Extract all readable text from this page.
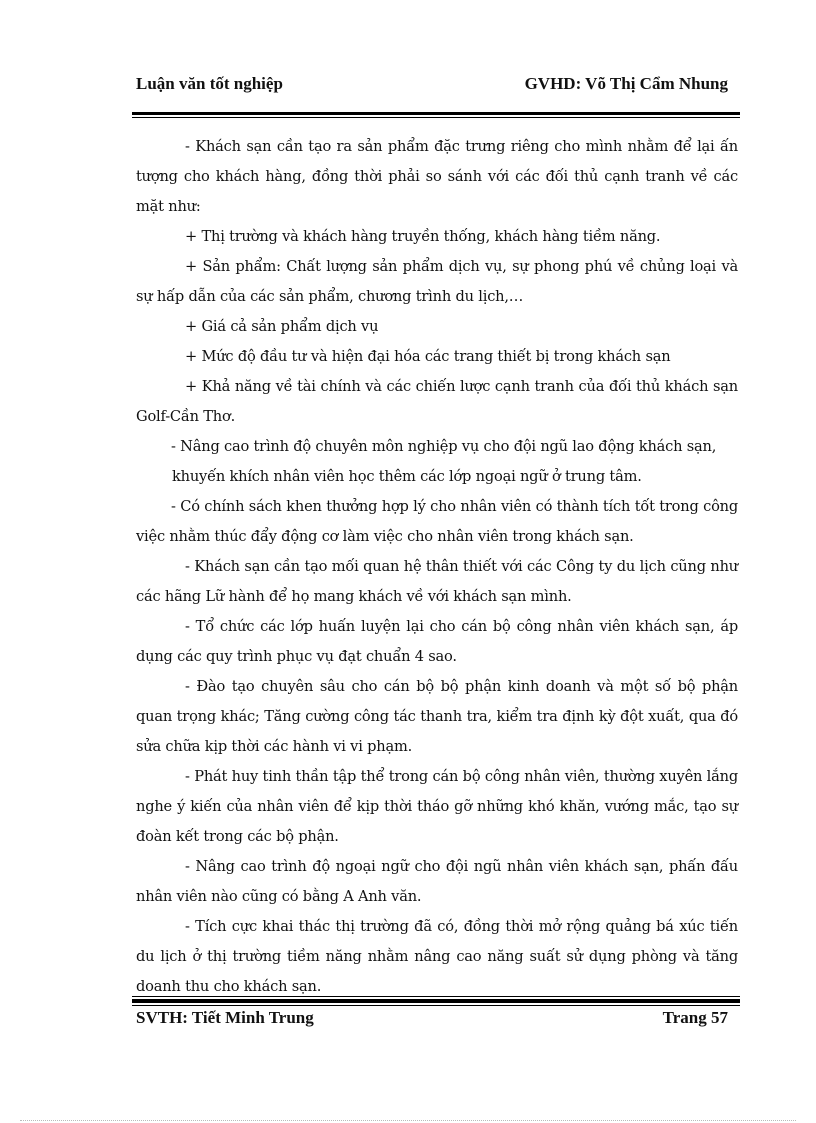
Luận văn tốt nghiệp	GVHD: Võ Thị Cẩm Nhung

- Khách sạn cần tạo ra sản phẩm đặc trưng riêng cho mình nhằm để lại ấn tượng cho khách hàng, đồng thời phải so sánh với các đối thủ cạnh tranh về các mặt như:

+ Thị trường và khách hàng truyền thống, khách hàng tiềm năng.

+ Sản phẩm: Chất lượng sản phẩm dịch vụ, sự phong phú về chủng loại và sự hấp dẫn của các sản phẩm, chương trình du lịch,…

+ Giá cả sản phẩm dịch vụ

+ Mức độ đầu tư và hiện đại hóa các trang thiết bị trong khách sạn

+ Khả năng về tài chính và các chiến lược cạnh tranh của đối thủ khách sạn Golf-Cần Thơ.

- Nâng cao trình độ chuyên môn nghiệp vụ cho đội ngũ lao động khách sạn,

khuyến khích nhân viên học thêm các lớp ngoại ngữ ở trung tâm.

- Có chính sách khen thưởng hợp lý cho nhân viên có thành tích tốt trong công việc nhằm thúc đẩy động cơ làm việc cho nhân viên trong khách sạn.

- Khách sạn cần tạo mối quan hệ thân thiết với các Công ty du lịch cũng như các hãng Lữ hành để họ mang khách về với khách sạn mình.

- Tổ chức các lớp huấn luyện lại cho cán bộ công nhân viên khách sạn, áp dụng các quy trình phục vụ đạt chuẩn 4 sao.

- Đào tạo chuyên sâu cho cán bộ bộ phận kinh doanh và một số bộ phận quan trọng khác; Tăng cường công tác thanh tra, kiểm tra định kỳ đột xuất, qua đó sửa chữa kịp thời các hành vi vi phạm.

- Phát huy tinh thần tập thể trong cán bộ công nhân viên, thường xuyên lắng nghe ý kiến của nhân viên để kịp thời tháo gỡ những khó khăn, vướng mắc, tạo sự đoàn kết trong các bộ phận.

- Nâng cao trình độ ngoại ngữ cho đội ngũ nhân viên khách sạn, phấn đấu nhân viên nào cũng có bằng A Anh văn.

- Tích cực khai thác thị trường đã có, đồng thời mở rộng quảng bá xúc tiến du lịch ở thị trường tiềm năng nhằm nâng cao năng suất sử dụng phòng và tăng doanh thu cho khách sạn.

SVTH: Tiết Minh Trung	Trang 57
